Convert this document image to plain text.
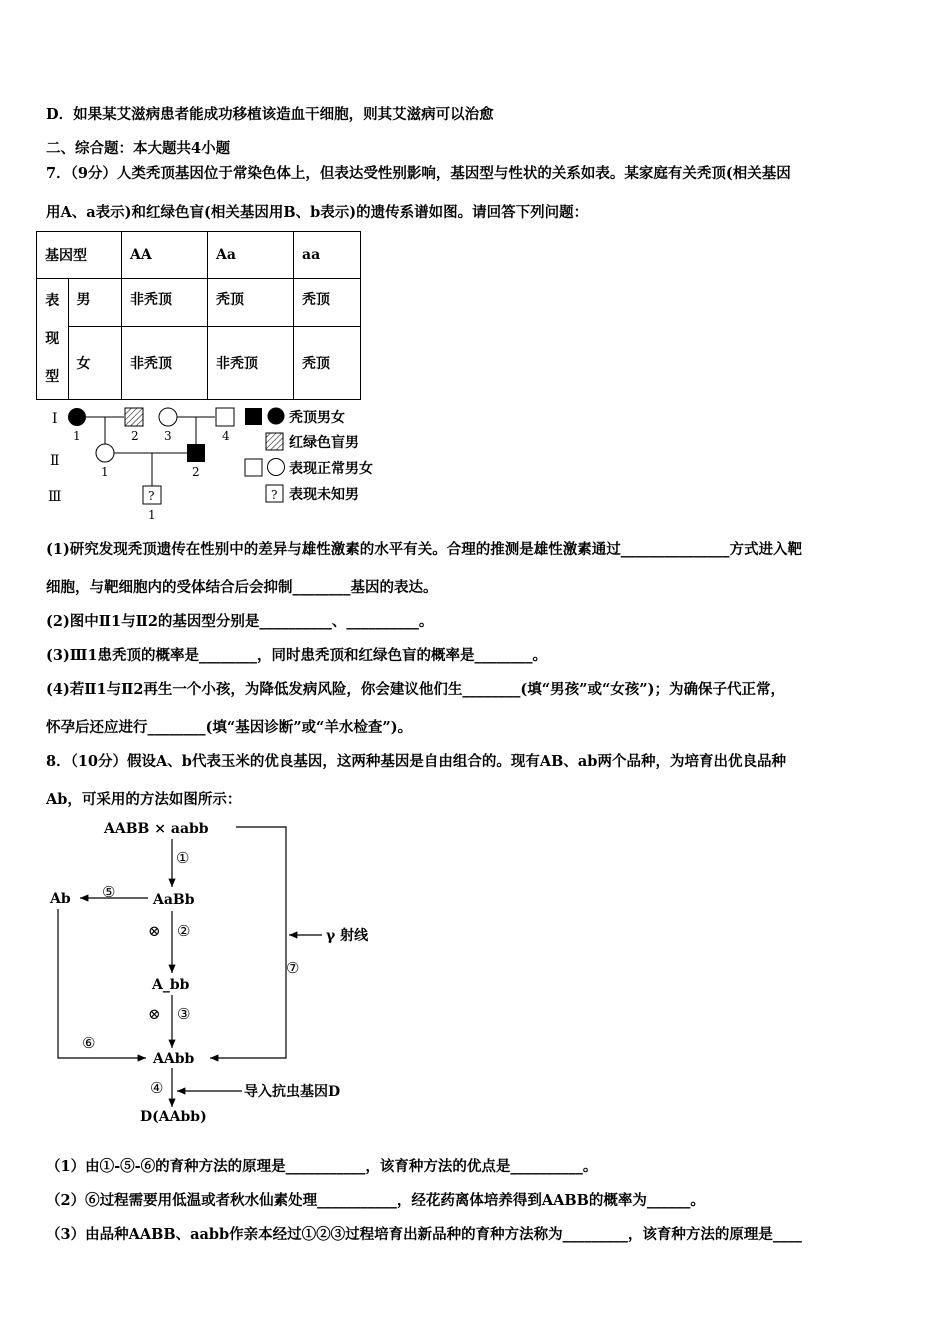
D．如果某艾滋病患者能成功移植该造血干细胞，则其艾滋病可以治愈
二、综合题：本大题共4小题
7．（9分）人类秃顶基因位于常染色体上，但表达受性别影响，基因型与性状的关系如表。某家庭有关秃顶(相关基因
用A、a表示)和红绿色盲(相关基因用B、b表示)的遗传系谱如图。请回答下列问题：
基因型		AA	Aa	aa
表
现
型	男	非秃顶	秃顶	秃顶
	女	非秃顶	非秃顶	秃顶
I
Ⅱ
Ⅲ
1	2 3	4
1	2
?
1
秃顶男女
红绿色盲男
表现正常男女
? 表现未知男
(1)研究发现秃顶遗传在性别中的差异与雄性激素的水平有关。合理的推测是雄性激素通过_______________方式进入靶
细胞，与靶细胞内的受体结合后会抑制________基因的表达。
(2)图中Ⅱ1与Ⅱ2的基因型分别是__________、__________。
(3)Ⅲ1患秃顶的概率是________，同时患秃顶和红绿色盲的概率是________。
(4)若Ⅱ1与Ⅱ2再生一个小孩，为降低发病风险，你会建议他们生________(填“男孩”或“女孩”)；为确保子代正常，
怀孕后还应进行________(填“基因诊断”或“羊水检查”)。
8．（10分）假设A、b代表玉米的优良基因，这两种基因是自由组合的。现有AB、ab两个品种，为培育出优良品种
Ab，可采用的方法如图所示：
AABB × aabb
Ab	AaBb
A_bb
AAbb
D(AAbb)
γ 射线
导入抗虫基因D
①
⑤
⊗ ②
⊗ ③
⑥
⑦
④
（1）由①-⑤-⑥的育种方法的原理是___________，该育种方法的优点是__________。
（2）⑥过程需要用低温或者秋水仙素处理___________，经花药离体培养得到AABB的概率为______。
（3）由品种AABB、aabb作亲本经过①②③过程培育出新品种的育种方法称为_________，该育种方法的原理是____
